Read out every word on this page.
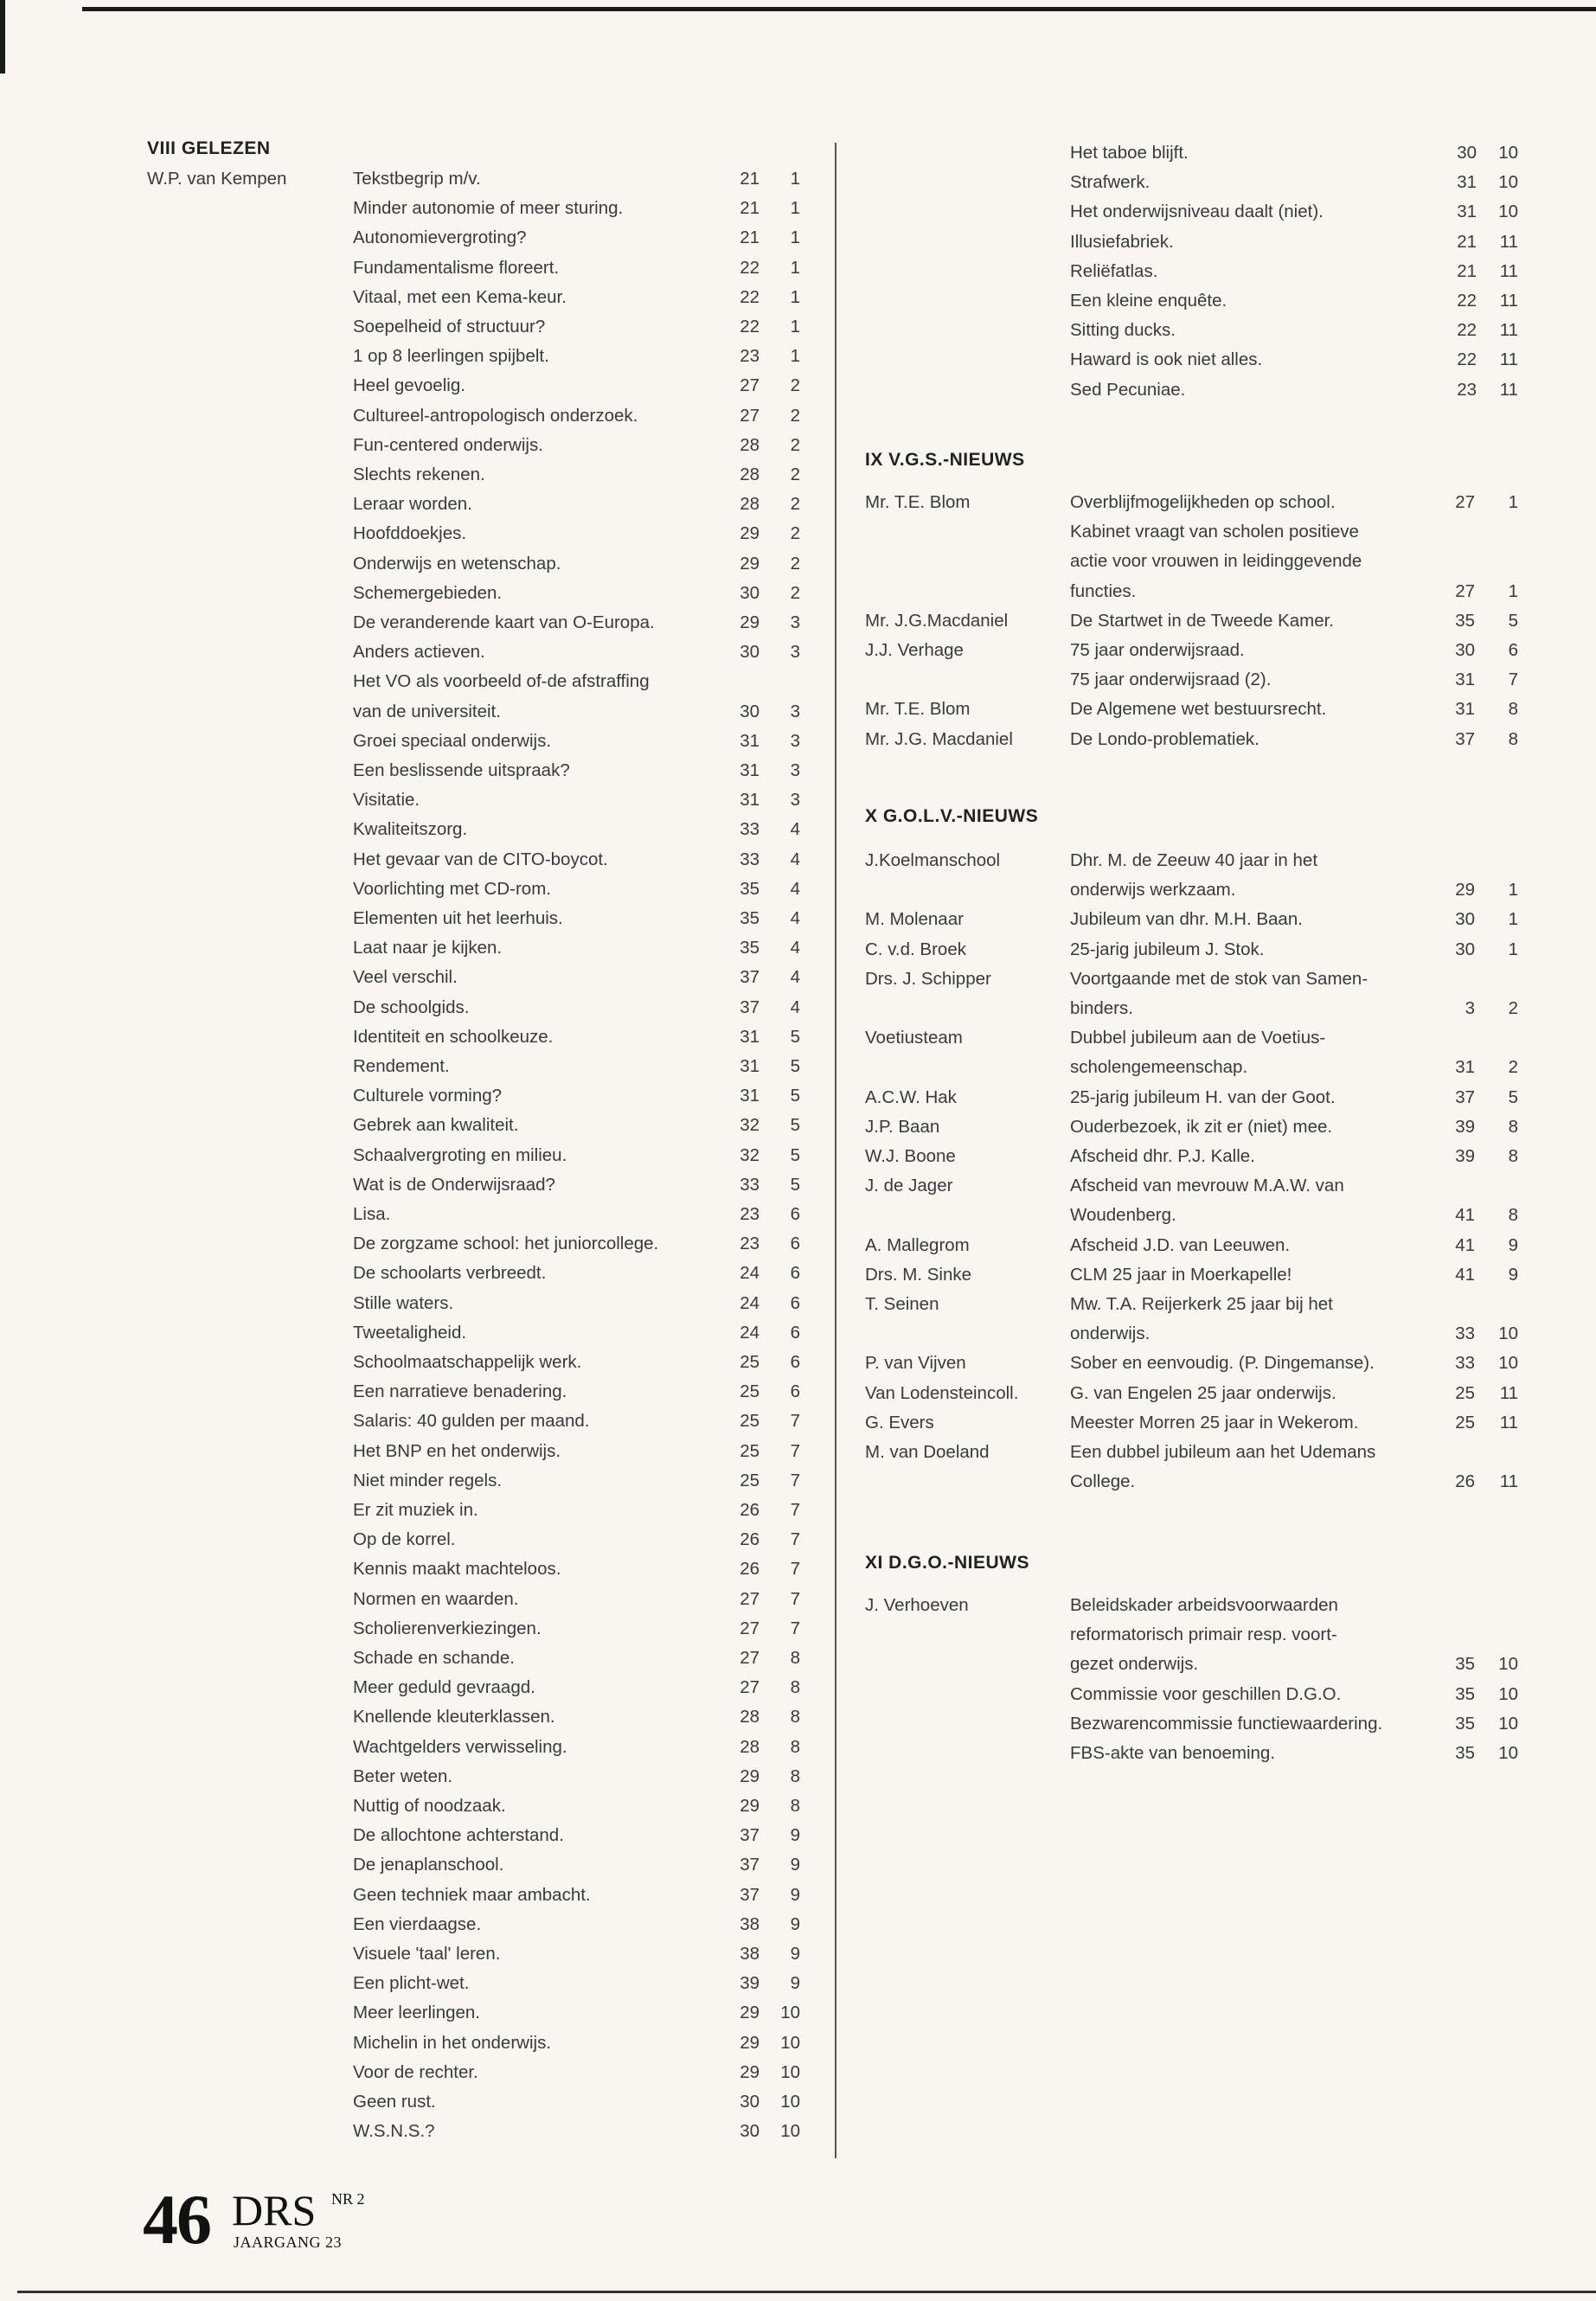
VIII GELEZEN
W.P. van Kempen	Tekstbegrip m/v.	21	1
Minder autonomie of meer sturing.	21	1
Autonomievergroting?	21	1
Fundamentalisme floreert.	22	1
Vitaal, met een Kema-keur.	22	1
Soepelheid of structuur?	22	1
1 op 8 leerlingen spijbelt.	23	1
Heel gevoelig.	27	2
Cultureel-antropologisch onderzoek.	27	2
Fun-centered onderwijs.	28	2
Slechts rekenen.	28	2
Leraar worden.	28	2
Hoofddoekjes.	29	2
Onderwijs en wetenschap.	29	2
Schemergebieden.	30	2
De veranderende kaart van O-Europa.	29	3
Anders actieven.	30	3
Het VO als voorbeeld of-de afstraffing
van de universiteit.	30	3
Groei speciaal onderwijs.	31	3
Een beslissende uitspraak?	31	3
Visitatie.	31	3
Kwaliteitszorg.	33	4
Het gevaar van de CITO-boycot.	33	4
Voorlichting met CD-rom.	35	4
Elementen uit het leerhuis.	35	4
Laat naar je kijken.	35	4
Veel verschil.	37	4
De schoolgids.	37	4
Identiteit en schoolkeuze.	31	5
Rendement.	31	5
Culturele vorming?	31	5
Gebrek aan kwaliteit.	32	5
Schaalvergroting en milieu.	32	5
Wat is de Onderwijsraad?	33	5
Lisa.	23	6
De zorgzame school: het juniorcollege.	23	6
De schoolarts verbreedt.	24	6
Stille waters.	24	6
Tweetaligheid.	24	6
Schoolmaatschappelijk werk.	25	6
Een narratieve benadering.	25	6
Salaris: 40 gulden per maand.	25	7
Het BNP en het onderwijs.	25	7
Niet minder regels.	25	7
Er zit muziek in.	26	7
Op de korrel.	26	7
Kennis maakt machteloos.	26	7
Normen en waarden.	27	7
Scholierenverkiezingen.	27	7
Schade en schande.	27	8
Meer geduld gevraagd.	27	8
Knellende kleuterklassen.	28	8
Wachtgelders verwisseling.	28	8
Beter weten.	29	8
Nuttig of noodzaak.	29	8
De allochtone achterstand.	37	9
De jenaplanschool.	37	9
Geen techniek maar ambacht.	37	9
Een vierdaagse.	38	9
Visuele 'taal' leren.	38	9
Een plicht-wet.	39	9
Meer leerlingen.	29	10
Michelin in het onderwijs.	29	10
Voor de rechter.	29	10
Geen rust.	30	10
W.S.N.S.?	30	10
Het taboe blijft.	30	10
Strafwerk.	31	10
Het onderwijsniveau daalt (niet).	31	10
Illusiefabriek.	21	11
Reliëfatlas.	21	11
Een kleine enquête.	22	11
Sitting ducks.	22	11
Haward is ook niet alles.	22	11
Sed Pecuniae.	23	11
IX V.G.S.-NIEUWS
Mr. T.E. Blom	Overblijfmogelijkheden op school.	27	1
Kabinet vraagt van scholen positieve
actie voor vrouwen in leidinggevende
functies.	27	1
Mr. J.G.Macdaniel	De Startwet in de Tweede Kamer.	35	5
J.J. Verhage	75 jaar onderwijsraad.	30	6
75 jaar onderwijsraad (2).	31	7
Mr. T.E. Blom	De Algemene wet bestuursrecht.	31	8
Mr. J.G. Macdaniel	De Londo-problematiek.	37	8
X G.O.L.V.-NIEUWS
J.Koelmanschool	Dhr. M. de Zeeuw 40 jaar in het
onderwijs werkzaam.	29	1
M. Molenaar	Jubileum van dhr. M.H. Baan.	30	1
C. v.d. Broek	25-jarig jubileum J. Stok.	30	1
Drs. J. Schipper	Voortgaande met de stok van Samen-
binders.	3	2
Voetiusteam	Dubbel jubileum aan de Voetius-
scholengemeenschap.	31	2
A.C.W. Hak	25-jarig jubileum H. van der Goot.	37	5
J.P. Baan	Ouderbezoek, ik zit er (niet) mee.	39	8
W.J. Boone	Afscheid dhr. P.J. Kalle.	39	8
J. de Jager	Afscheid van mevrouw M.A.W. van
Woudenberg.	41	8
A. Mallegrom	Afscheid J.D. van Leeuwen.	41	9
Drs. M. Sinke	CLM 25 jaar in Moerkapelle!	41	9
T. Seinen	Mw. T.A. Reijerkerk 25 jaar bij het
onderwijs.	33	10
P. van Vijven	Sober en eenvoudig. (P. Dingemanse).	33	10
Van Lodensteincoll.	G. van Engelen 25 jaar onderwijs.	25	11
G. Evers	Meester Morren 25 jaar in Wekerom.	25	11
M. van Doeland	Een dubbel jubileum aan het Udemans
College.	26	11
XI D.G.O.-NIEUWS
J. Verhoeven	Beleidskader arbeidsvoorwaarden
reformatorisch primair resp. voort-
gezet onderwijs.	35	10
Commissie voor geschillen D.G.O.	35	10
Bezwarencommissie functiewaardering.	35	10
FBS-akte van benoeming.	35	10
46 DRS NR 2
JAARGANG 23
